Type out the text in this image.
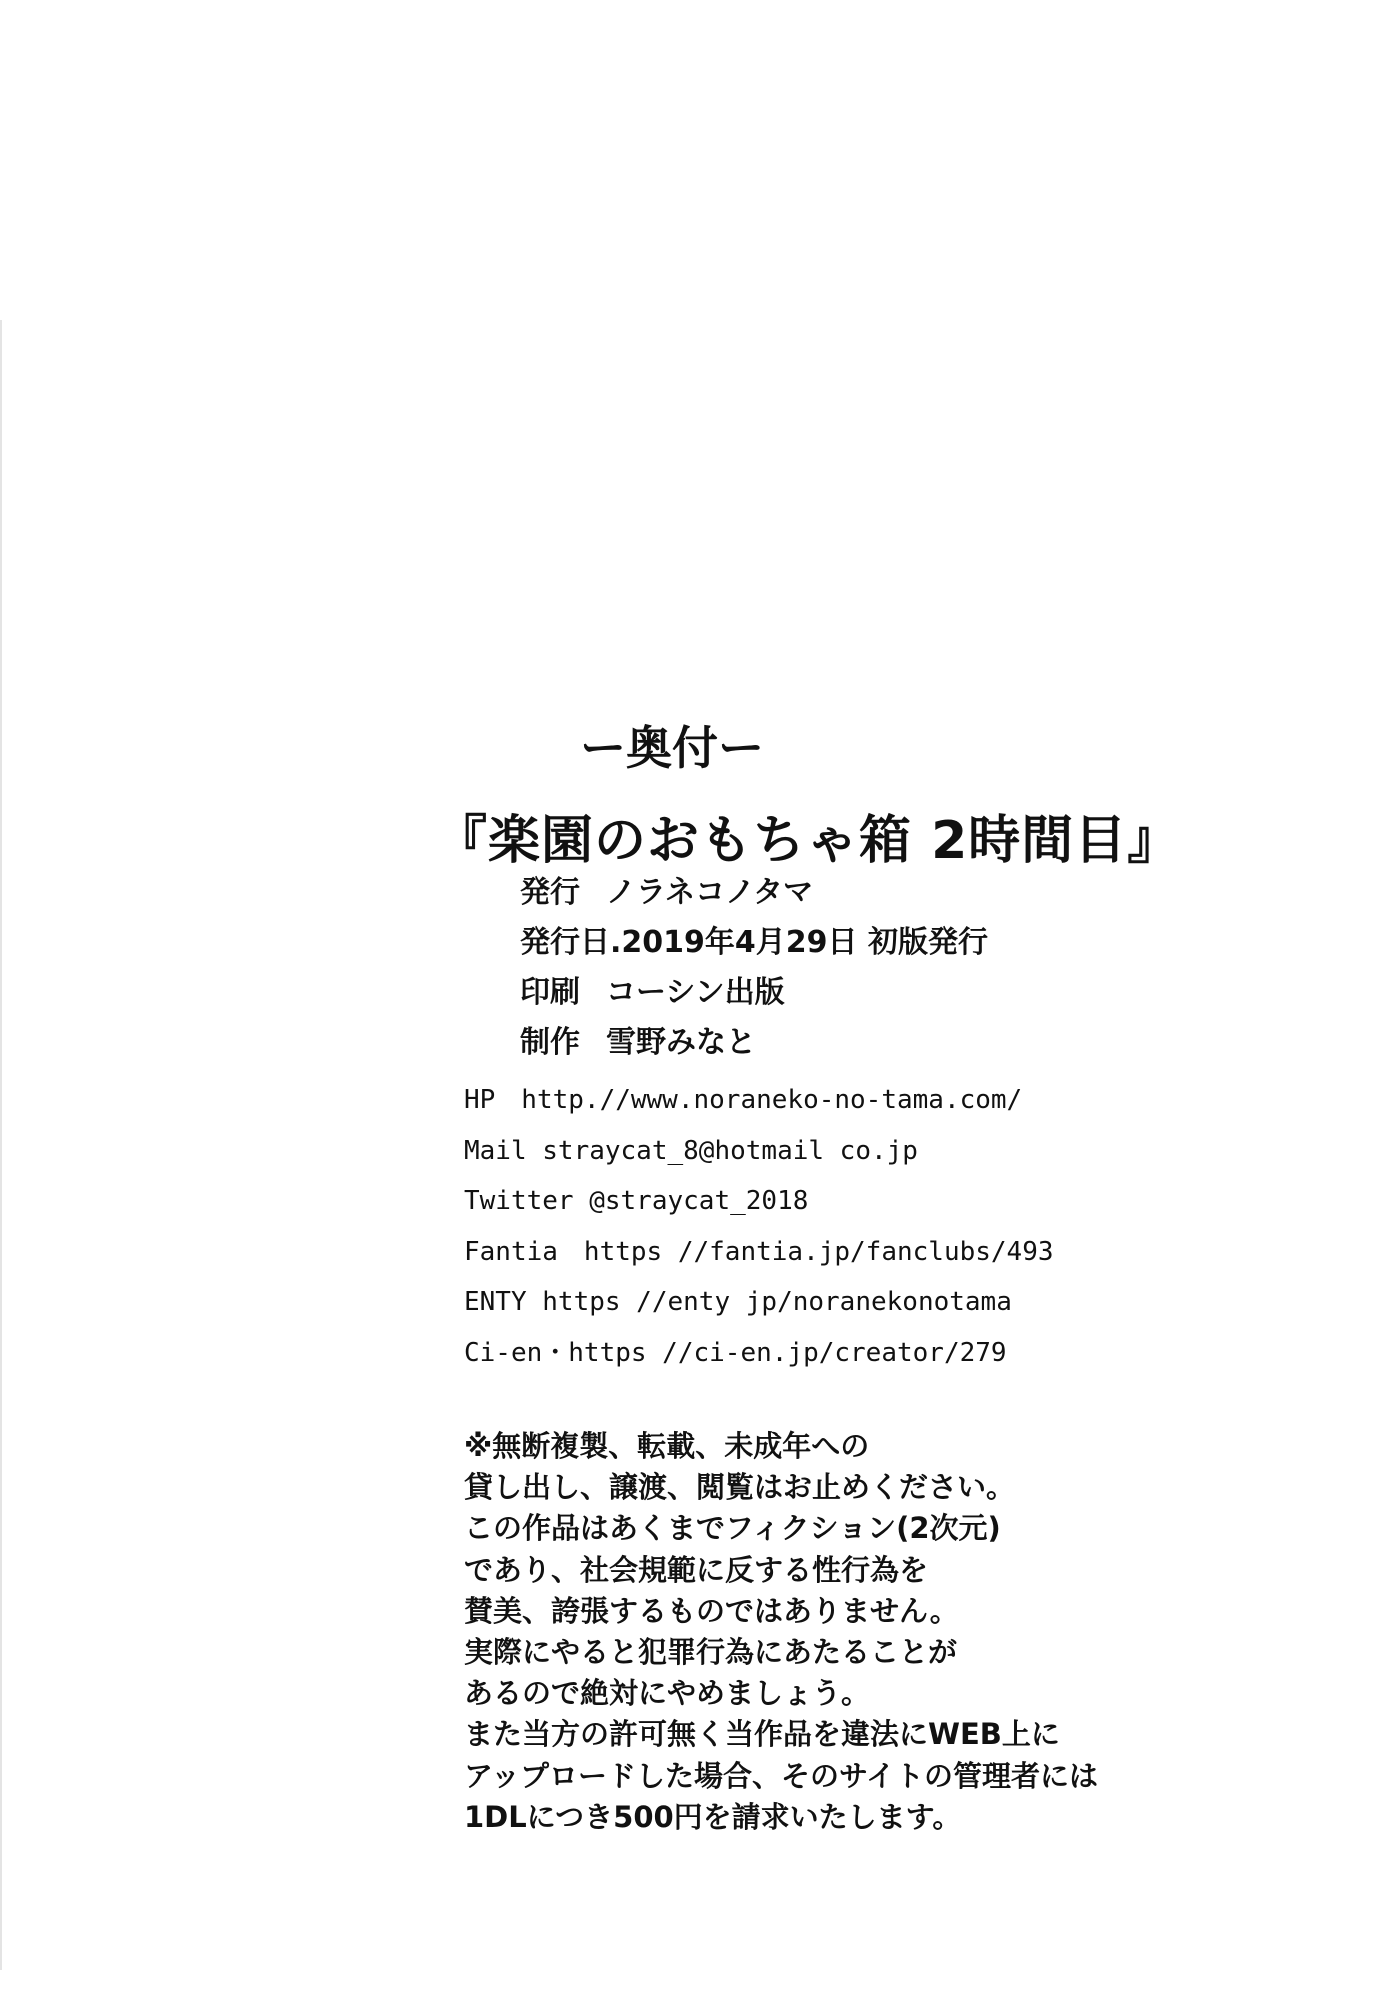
ー奥付ー
『楽園のおもちゃ箱 2時間目』
発行 ノラネコノタマ
発行日.2019年4月29日 初版発行
印刷 コーシン出版
制作 雪野みなと
HP　http.//www.noraneko-no-tama.com/
Mail straycat_8@hotmail co.jp
Twitter @straycat_2018
Fantia　https //fantia.jp/fanclubs/493
ENTY https //enty jp/noranekonotama
Ci-en・https //ci-en.jp/creator/279
※無断複製、転載、未成年への
貸し出し、譲渡、閲覧はお止めください。
この作品はあくまでフィクション(2次元)
であり、社会規範に反する性行為を
賛美、誇張するものではありません。
実際にやると犯罪行為にあたることが
あるので絶対にやめましょう。
また当方の許可無く当作品を違法にWEB上に
アップロードした場合、そのサイトの管理者には
1DLにつき500円を請求いたします。
